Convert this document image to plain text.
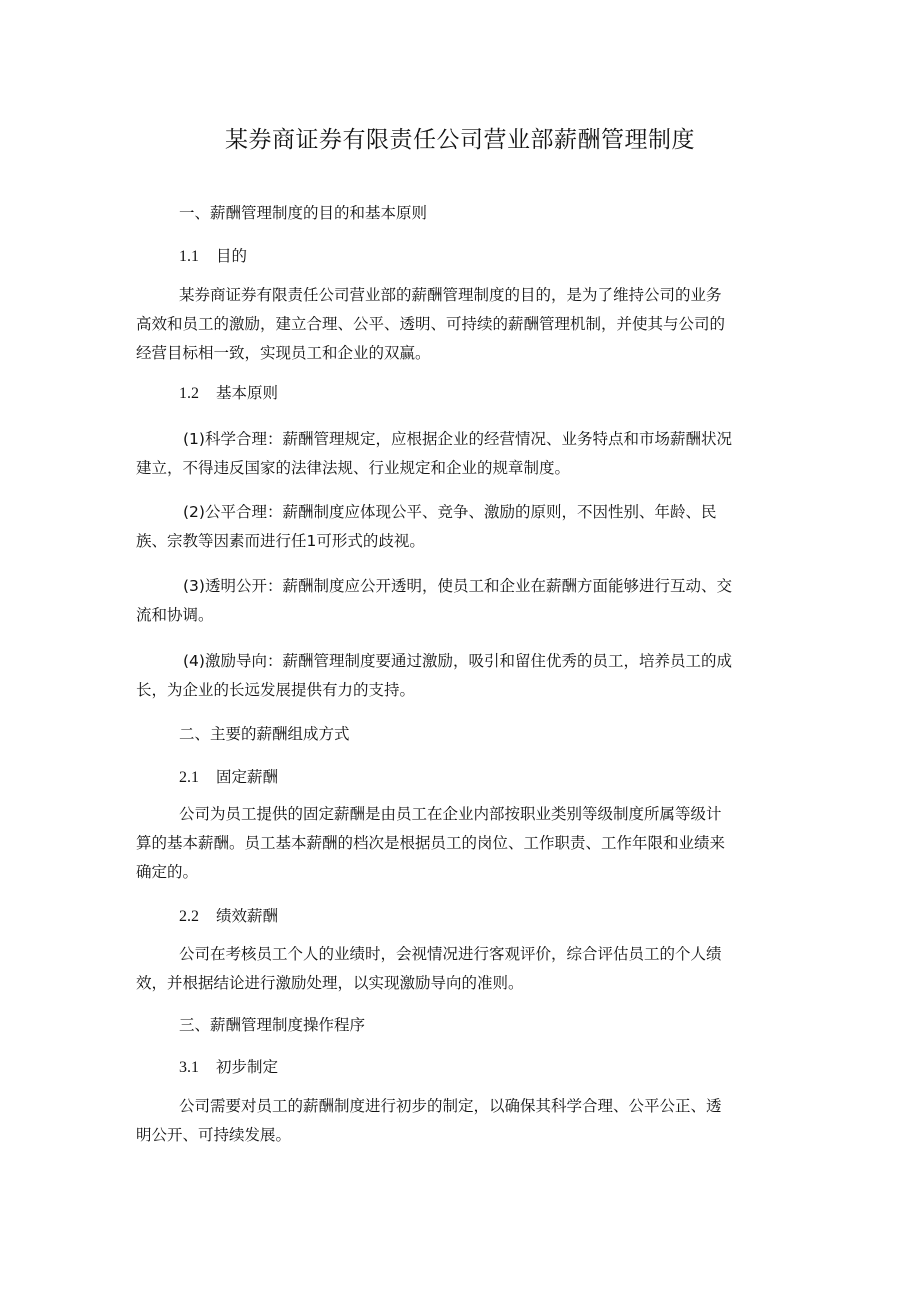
某券商证券有限责任公司营业部薪酬管理制度
一、薪酬管理制度的目的和基本原则
1.1 目的
某券商证券有限责任公司营业部的薪酬管理制度的目的，是为了维持公司的业务
高效和员工的激励，建立合理、公平、透明、可持续的薪酬管理机制，并使其与公司的
经营目标相一致，实现员工和企业的双赢。
1.2 基本原则
(1)科学合理：薪酬管理规定，应根据企业的经营情况、业务特点和市场薪酬状况
建立，不得违反国家的法律法规、行业规定和企业的规章制度。
(2)公平合理：薪酬制度应体现公平、竞争、激励的原则，不因性别、年龄、民
族、宗教等因素而进行任1可形式的歧视。
(3)透明公开：薪酬制度应公开透明，使员工和企业在薪酬方面能够进行互动、交
流和协调。
(4)激励导向：薪酬管理制度要通过激励，吸引和留住优秀的员工，培养员工的成
长，为企业的长远发展提供有力的支持。
二、主要的薪酬组成方式
2.1 固定薪酬
公司为员工提供的固定薪酬是由员工在企业内部按职业类别等级制度所属等级计
算的基本薪酬。员工基本薪酬的档次是根据员工的岗位、工作职责、工作年限和业绩来
确定的。
2.2 绩效薪酬
公司在考核员工个人的业绩时，会视情况进行客观评价，综合评估员工的个人绩
效，并根据结论进行激励处理，以实现激励导向的准则。
三、薪酬管理制度操作程序
3.1 初步制定
公司需要对员工的薪酬制度进行初步的制定，以确保其科学合理、公平公正、透
明公开、可持续发展。
